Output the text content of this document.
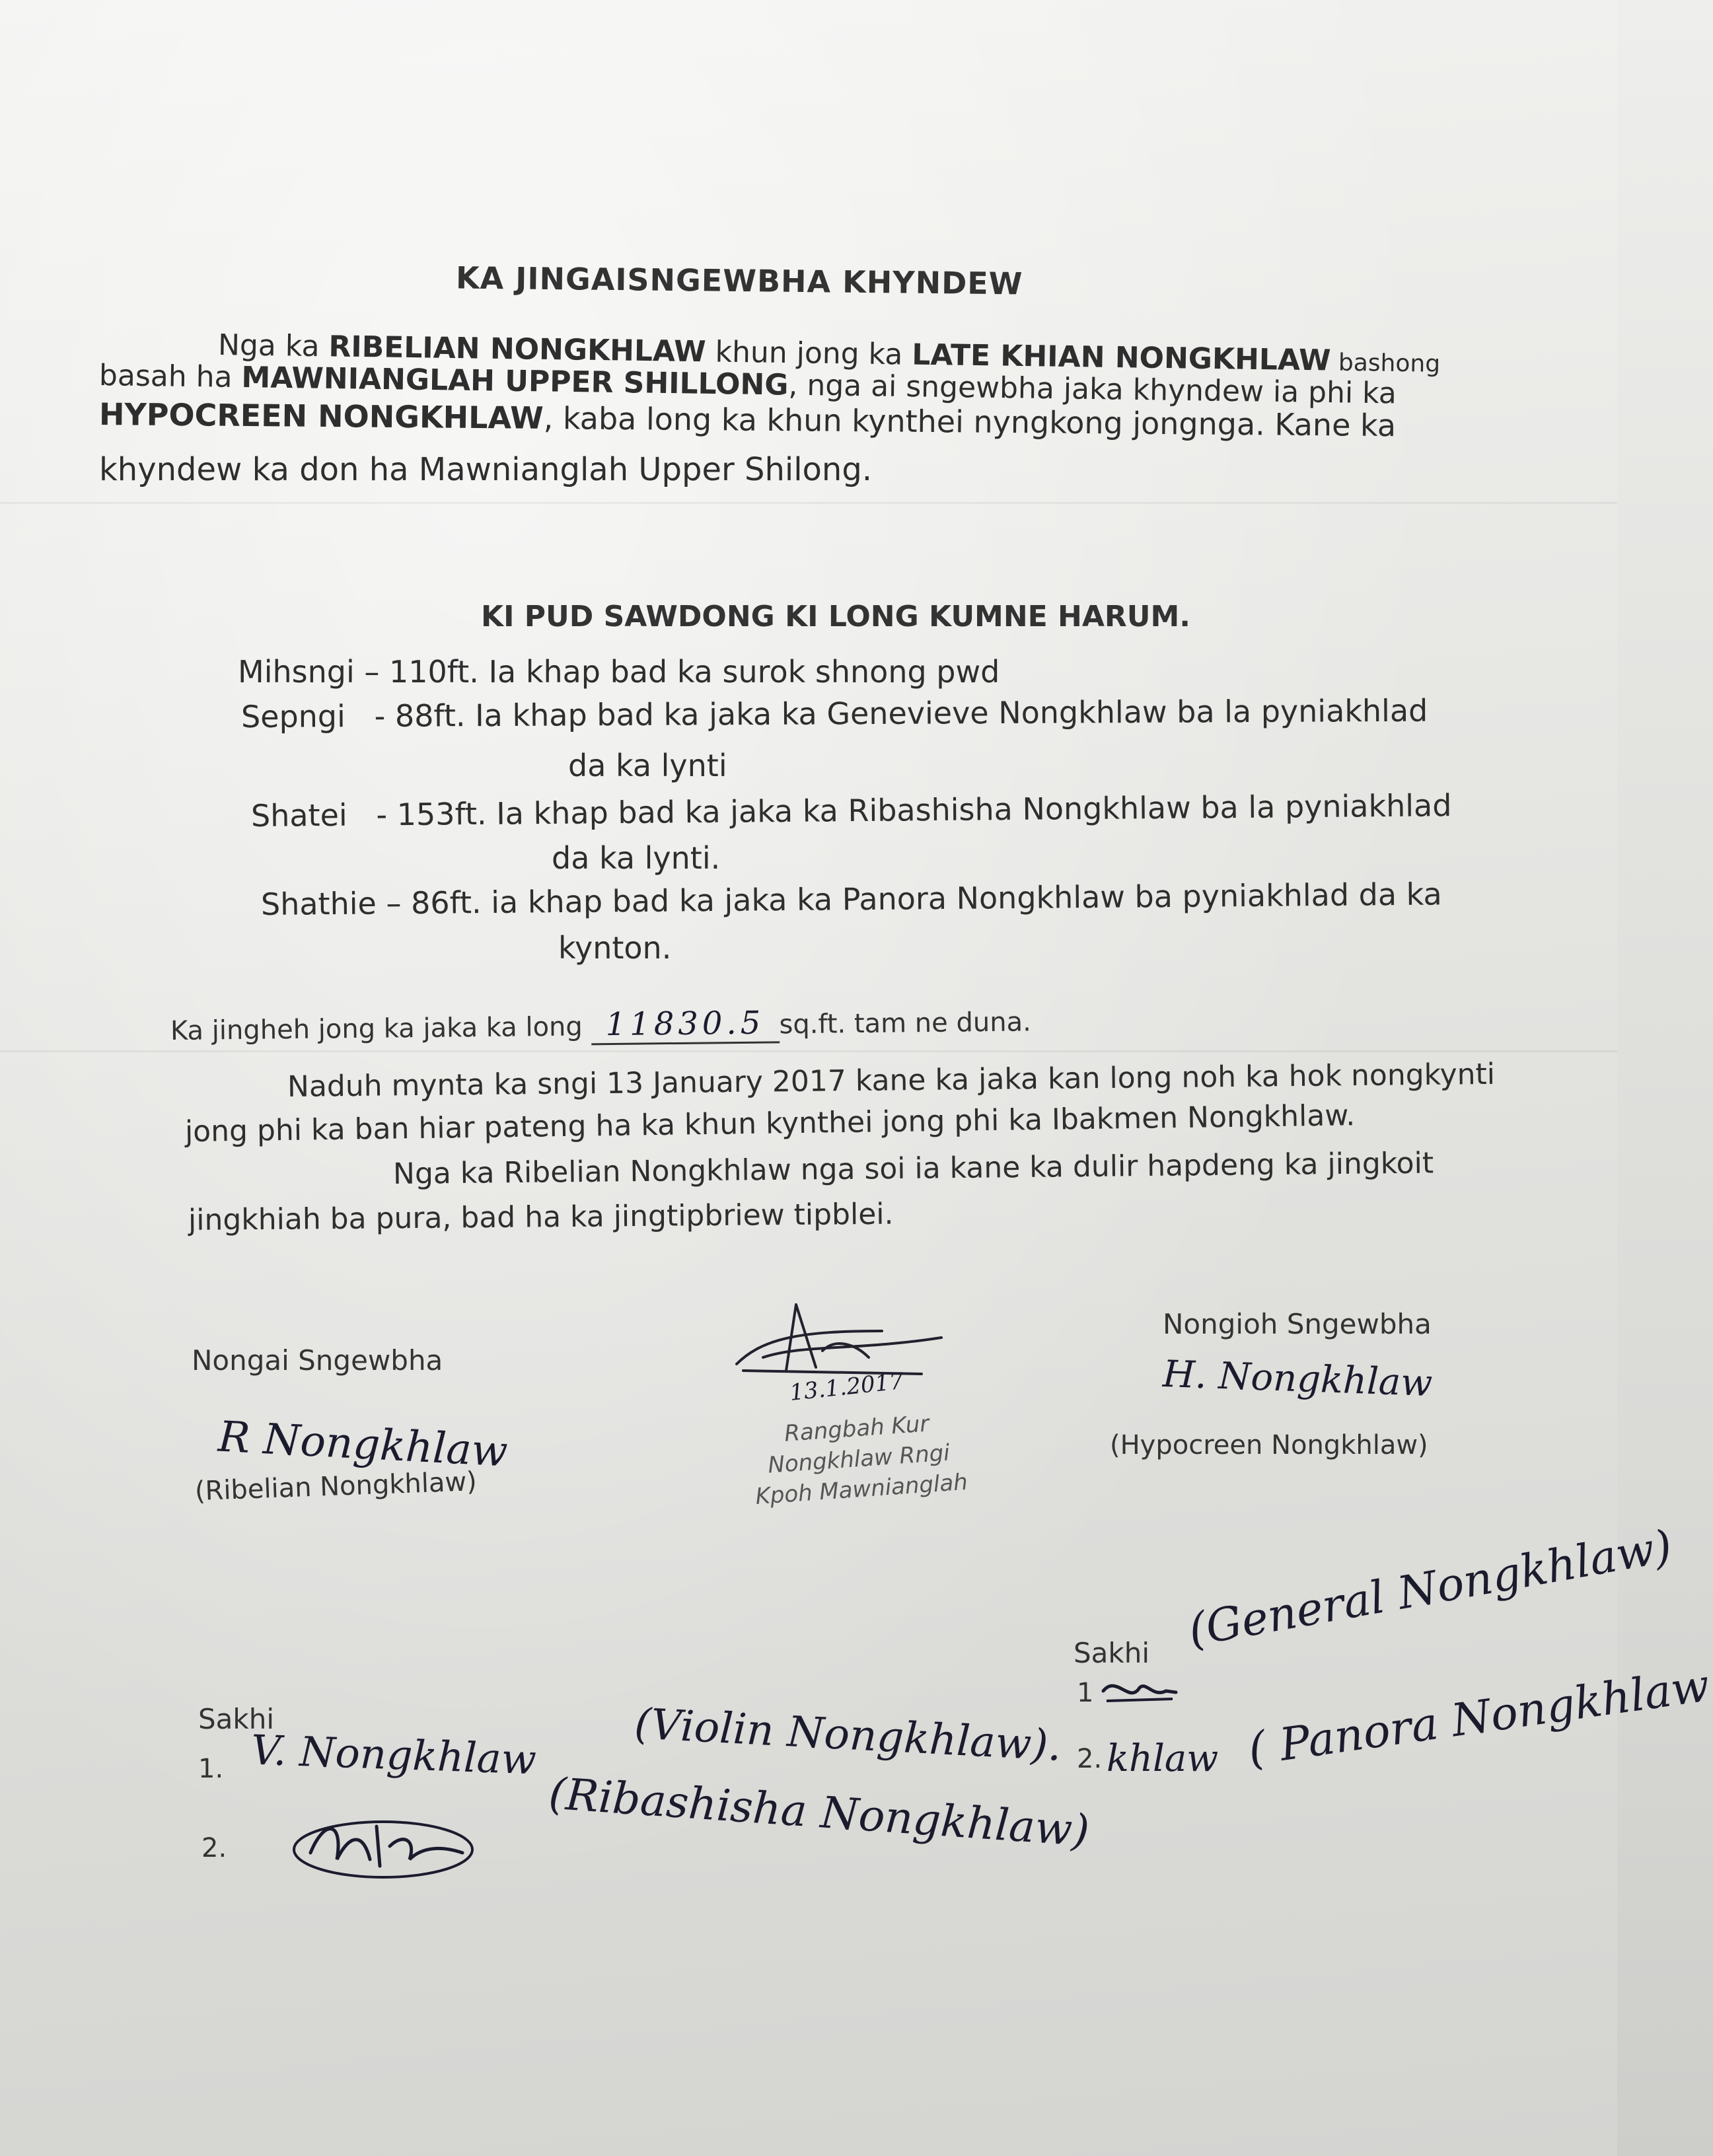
KA JINGAISNGEWBHA KHYNDEW
Nga ka RIBELIAN NONGKHLAW khun jong ka LATE KHIAN NONGKHLAW bashong
basah ha MAWNIANGLAH UPPER SHILLONG, nga ai sngewbha jaka khyndew ia phi ka
HYPOCREEN NONGKHLAW, kaba long ka khun kynthei nyngkong jongnga. Kane ka
khyndew ka don ha Mawnianglah Upper Shilong.
KI PUD SAWDONG KI LONG KUMNE HARUM.
Mihsngi – 110ft. Ia khap bad ka surok shnong pwd
Sepngi - 88ft. Ia khap bad ka jaka ka Genevieve Nongkhlaw ba la pyniakhlad
da ka lynti
Shatei - 153ft. Ia khap bad ka jaka ka Ribashisha Nongkhlaw ba la pyniakhlad
da ka lynti.
Shathie – 86ft. ia khap bad ka jaka ka Panora Nongkhlaw ba pyniakhlad da ka
kynton.
Ka jingheh jong ka jaka ka long 11830.5 sq.ft. tam ne duna.
Naduh mynta ka sngi 13 January 2017 kane ka jaka kan long noh ka hok nongkynti
jong phi ka ban hiar pateng ha ka khun kynthei jong phi ka Ibakmen Nongkhlaw.
Nga ka Ribelian Nongkhlaw nga soi ia kane ka dulir hapdeng ka jingkoit
jingkhiah ba pura, bad ha ka jingtipbriew tipblei.
Nongai Sngewbha
R Nongkhlaw
(Ribelian Nongkhlaw)
13.1.2017
Rangbah Kur
Nongkhlaw Rngi
Kpoh Mawnianglah
Nongioh Sngewbha
H. Nongkhlaw
(Hypocreen Nongkhlaw)
Sakhi
1. V. Nongkhlaw (Violin Nongkhlaw).
2.	(Ribashisha Nongkhlaw)
Sakhi
1
(General Nongkhlaw)
2. khlaw ( Panora Nongkhlaw
